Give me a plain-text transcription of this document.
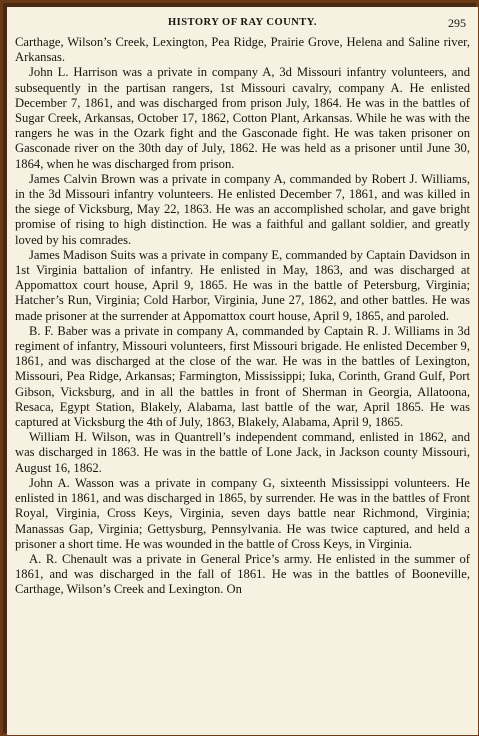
HISTORY OF RAY COUNTY.	295

Carthage, Wilson’s Creek, Lexington, Pea Ridge, Prairie Grove, Helena and Saline river, Arkansas.

John L. Harrison was a private in company A, 3d Missouri infantry volunteers, and subsequently in the partisan rangers, 1st Missouri cavalry, company A. He enlisted December 7, 1861, and was discharged from prison July, 1864. He was in the battles of Sugar Creek, Arkansas, October 17, 1862, Cotton Plant, Arkansas. While he was with the rangers he was in the Ozark fight and the Gasconade fight. He was taken prisoner on Gasconade river on the 30th day of July, 1862. He was held as a prisoner until June 30, 1864, when he was discharged from prison.

James Calvin Brown was a private in company A, commanded by Robert J. Williams, in the 3d Missouri infantry volunteers. He enlisted December 7, 1861, and was killed in the siege of Vicksburg, May 22, 1863. He was an accomplished scholar, and gave bright promise of rising to high distinction. He was a faithful and gallant soldier, and greatly loved by his comrades.

James Madison Suits was a private in company E, commanded by Captain Davidson in 1st Virginia battalion of infantry. He enlisted in May, 1863, and was discharged at Appomattox court house, April 9, 1865. He was in the battle of Petersburg, Virginia; Hatcher’s Run, Virginia; Cold Harbor, Virginia, June 27, 1862, and other battles. He was made prisoner at the surrender at Appomattox court house, April 9, 1865, and paroled.

B. F. Baber was a private in company A, commanded by Captain R. J. Williams in 3d regiment of infantry, Missouri volunteers, first Missouri brigade. He enlisted December 9, 1861, and was discharged at the close of the war. He was in the battles of Lexington, Missouri, Pea Ridge, Arkansas; Farmington, Mississippi; Iuka, Corinth, Grand Gulf, Port Gibson, Vicksburg, and in all the battles in front of Sherman in Georgia, Allatoona, Resaca, Egypt Station, Blakely, Alabama, last battle of the war, April 1865. He was captured at Vicksburg the 4th of July, 1863, Blakely, Alabama, April 9, 1865.

William H. Wilson, was in Quantrell’s independent command, enlisted in 1862, and was discharged in 1863. He was in the battle of Lone Jack, in Jackson county Missouri, August 16, 1862.

John A. Wasson was a private in company G, sixteenth Mississippi volunteers. He enlisted in 1861, and was discharged in 1865, by surrender. He was in the battles of Front Royal, Virginia, Cross Keys, Virginia, seven days battle near Richmond, Virginia; Manassas Gap, Virginia; Gettysburg, Pennsylvania. He was twice captured, and held a prisoner a short time. He was wounded in the battle of Cross Keys, in Virginia.

A. R. Chenault was a private in General Price’s army. He enlisted in the summer of 1861, and was discharged in the fall of 1861. He was in the battles of Booneville, Carthage, Wilson’s Creek and Lexington. On
